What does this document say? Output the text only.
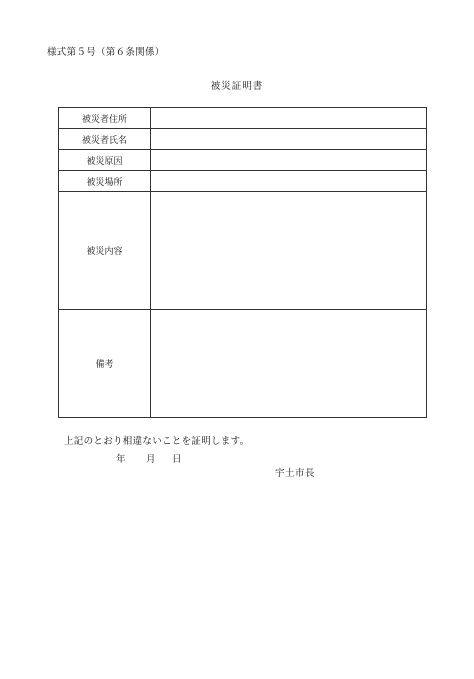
様式第５号（第６条関係）
被災証明書
被災者住所	
被災者氏名	
被災原因	
被災場所	
被災内容	
備考	
上記のとおり相違ないことを証明します。
年 月 日
宇土市長
